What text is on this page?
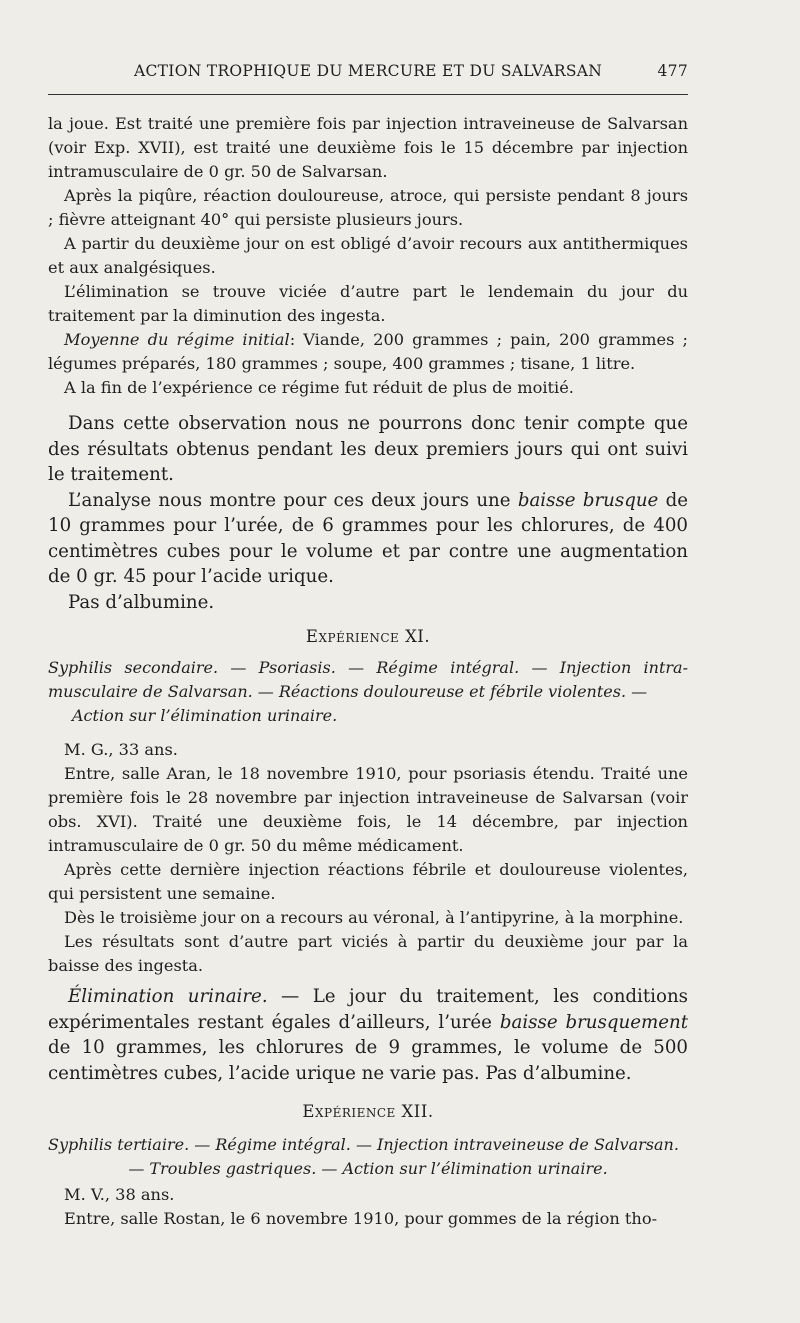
ACTION TROPHIQUE DU MERCURE ET DU SALVARSAN	477

la joue. Est traité une première fois par injection intraveineuse de Salvarsan (voir Exp. XVII), est traité une deuxième fois le 15 décembre par injection intramusculaire de 0 gr. 50 de Salvarsan.

Après la piqûre, réaction douloureuse, atroce, qui persiste pendant 8 jours ; fièvre atteignant 40° qui persiste plusieurs jours.

A partir du deuxième jour on est obligé d’avoir recours aux antithermiques et aux analgésiques.

L’élimination se trouve viciée d’autre part le lendemain du jour du traitement par la diminution des ingesta.

Moyenne du régime initial: Viande, 200 grammes ; pain, 200 grammes ; légumes préparés, 180 grammes ; soupe, 400 grammes ; tisane, 1 litre.

A la fin de l’expérience ce régime fut réduit de plus de moitié.

Dans cette observation nous ne pourrons donc tenir compte que des résultats obtenus pendant les deux premiers jours qui ont suivi le traitement.

L’analyse nous montre pour ces deux jours une baisse brusque de 10 grammes pour l’urée, de 6 grammes pour les chlorures, de 400 centimètres cubes pour le volume et par contre une augmentation de 0 gr. 45 pour l’acide urique.

Pas d’albumine.

Expérience XI.

Syphilis secondaire. — Psoriasis. — Régime intégral. — Injection intra-musculaire de Salvarsan. — Réactions douloureuse et fébrile violentes. —

Action sur l’élimination urinaire.

M. G., 33 ans.

Entre, salle Aran, le 18 novembre 1910, pour psoriasis étendu. Traité une première fois le 28 novembre par injection intraveineuse de Salvarsan (voir obs. XVI). Traité une deuxième fois, le 14 décembre, par injection intramusculaire de 0 gr. 50 du même médicament.

Après cette dernière injection réactions fébrile et douloureuse violentes, qui persistent une semaine.

Dès le troisième jour on a recours au véronal, à l’antipyrine, à la morphine.

Les résultats sont d’autre part viciés à partir du deuxième jour par la baisse des ingesta.

Élimination urinaire. — Le jour du traitement, les conditions expérimentales restant égales d’ailleurs, l’urée baisse brusquement de 10 grammes, les chlorures de 9 grammes, le volume de 500 centimètres cubes, l’acide urique ne varie pas. Pas d’albumine.

Expérience XII.

Syphilis tertiaire. — Régime intégral. — Injection intraveineuse de Salvarsan.

— Troubles gastriques. — Action sur l’élimination urinaire.

M. V., 38 ans.

Entre, salle Rostan, le 6 novembre 1910, pour gommes de la région tho-
